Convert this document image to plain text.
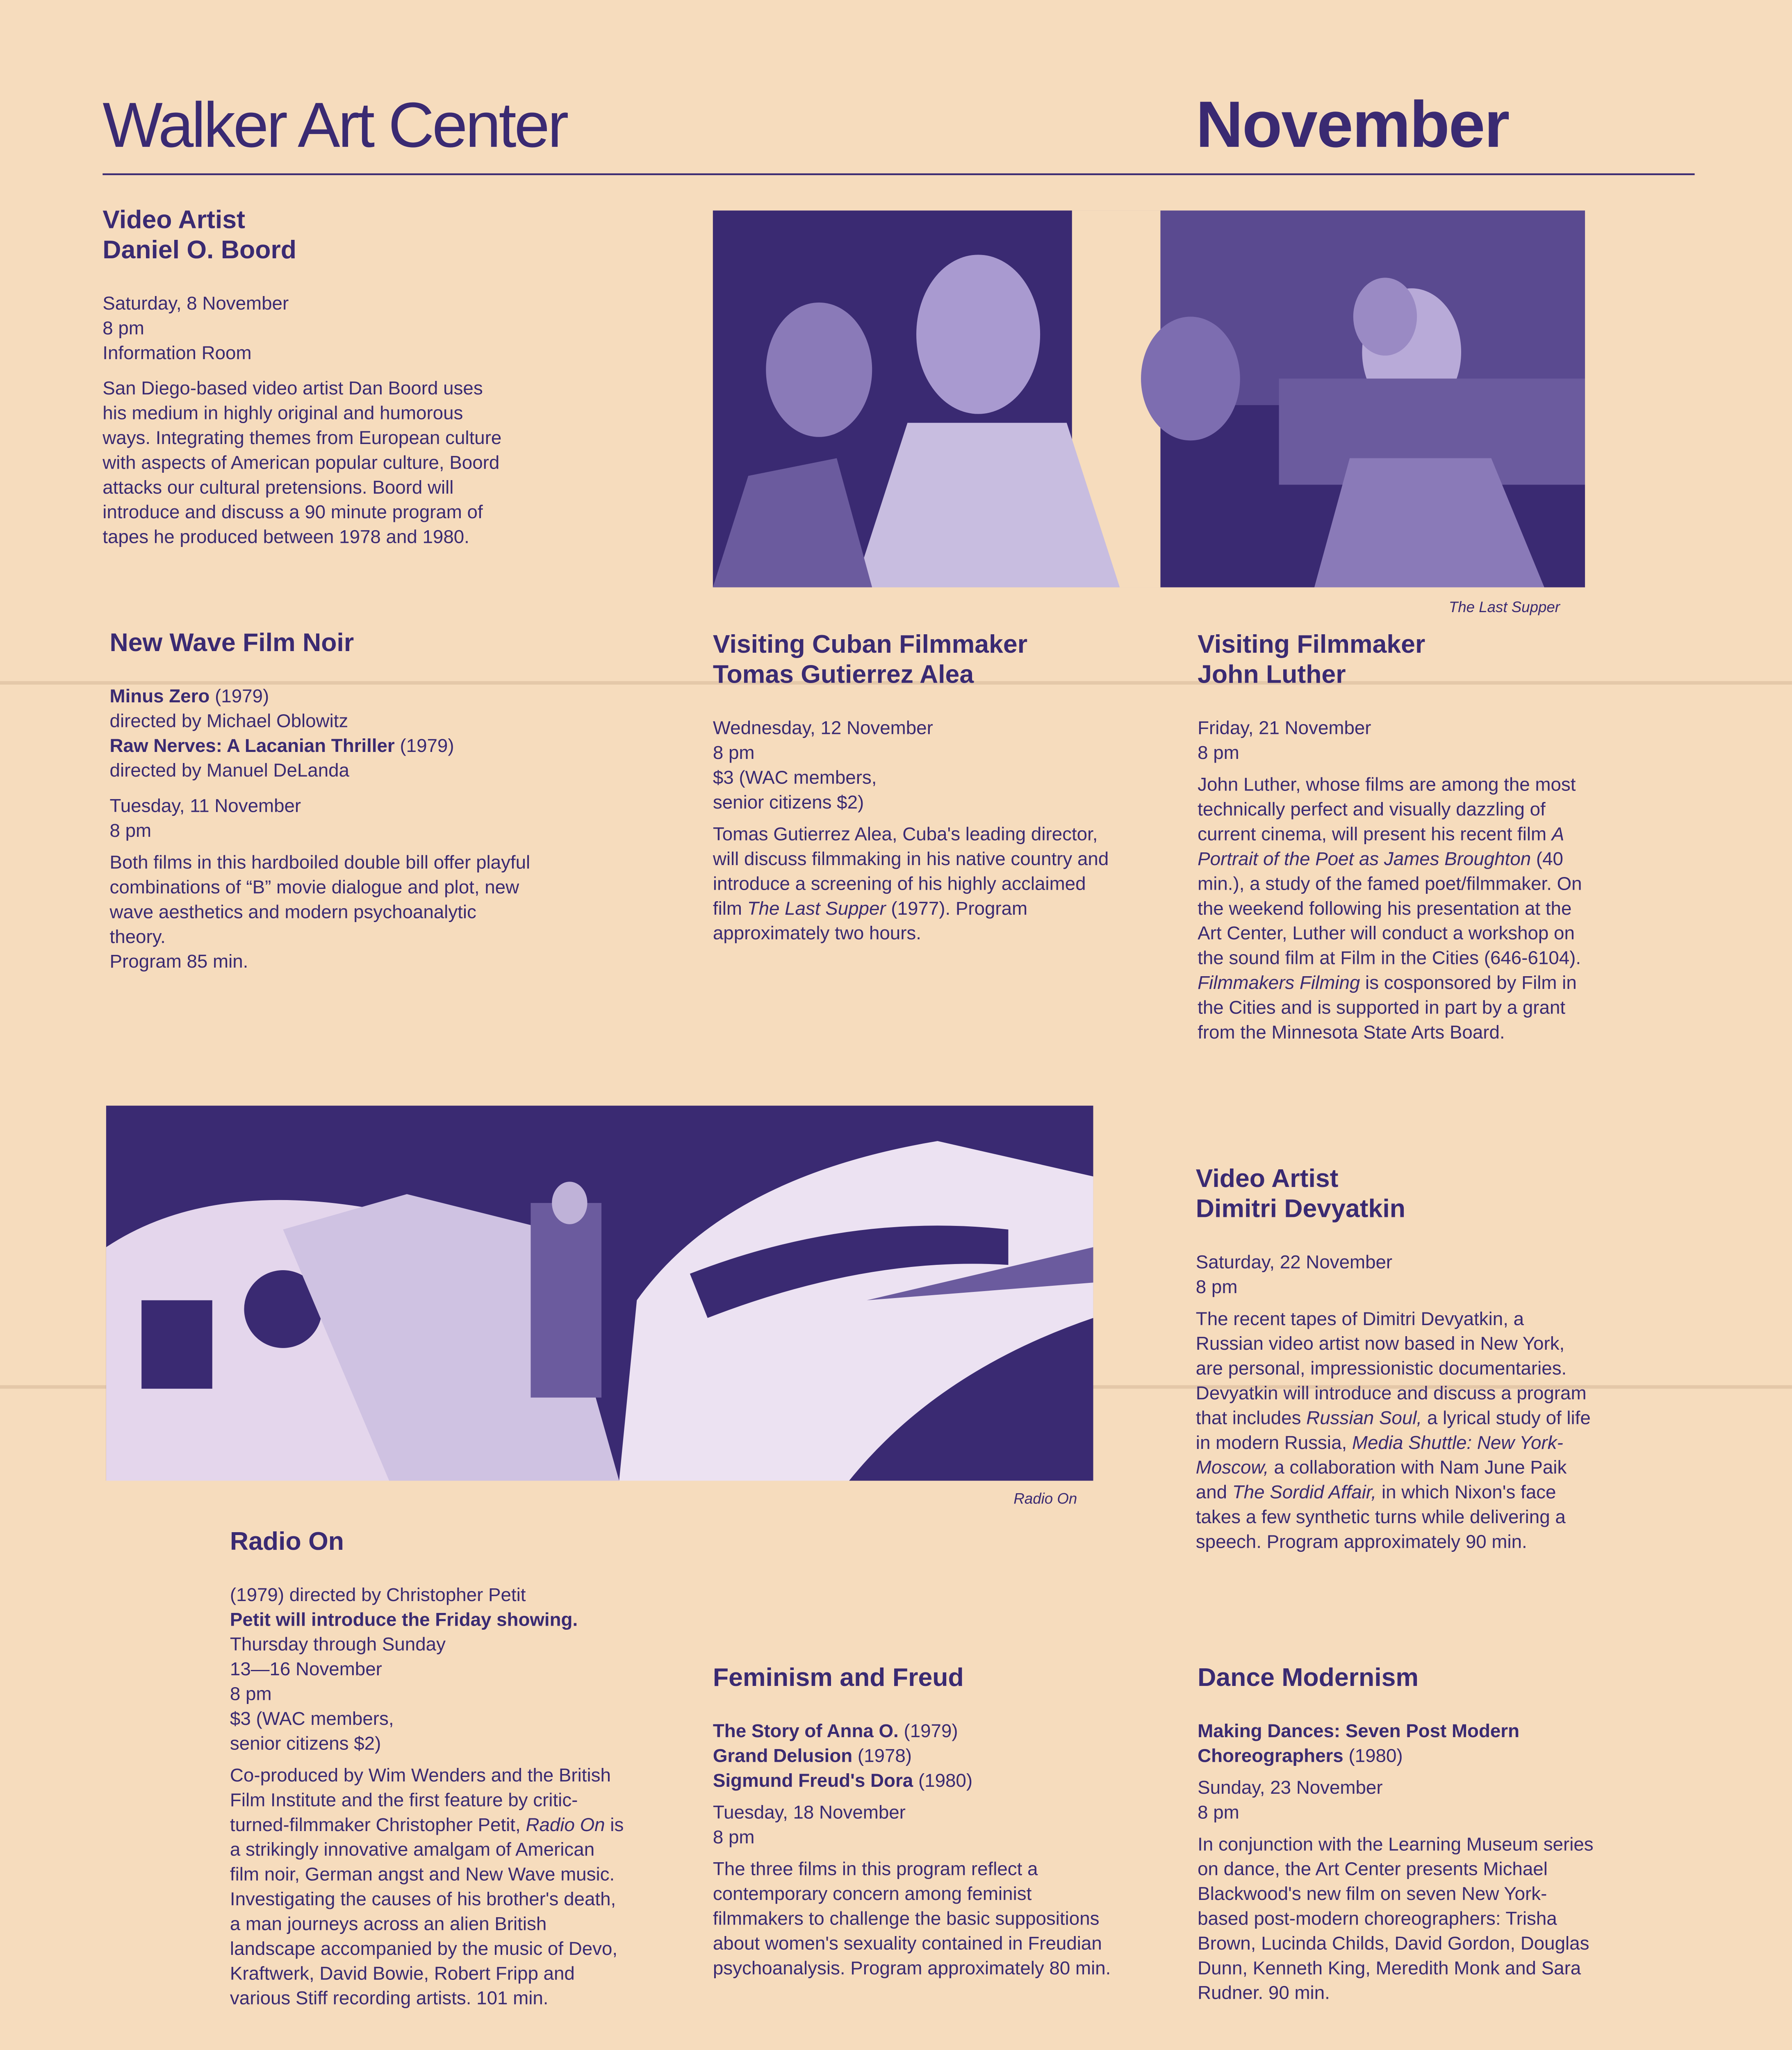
Walker Art Center	November
Video Artist
Daniel O. Boord
Saturday, 8 November
8 pm
Information Room
San Diego-based video artist Dan Boord uses his medium in highly original and humorous ways. Integrating themes from European culture with aspects of American popular culture, Boord attacks our cultural pretensions. Boord will introduce and discuss a 90 minute program of tapes he produced between 1978 and 1980.
The Last Supper
New Wave Film Noir
Minus Zero (1979)
directed by Michael Oblowitz
Raw Nerves: A Lacanian Thriller (1979)
directed by Manuel DeLanda
Tuesday, 11 November
8 pm
Both films in this hardboiled double bill offer playful combinations of “B” movie dialogue and plot, new wave aesthetics and modern psychoanalytic theory.
Program 85 min.
Visiting Cuban Filmmaker
Tomas Gutierrez Alea
Wednesday, 12 November
8 pm
$3 (WAC members,
senior citizens $2)
Tomas Gutierrez Alea, Cuba's leading director, will discuss filmmaking in his native country and introduce a screening of his highly acclaimed film The Last Supper (1977). Program approximately two hours.
Visiting Filmmaker
John Luther
Friday, 21 November
8 pm
John Luther, whose films are among the most technically perfect and visually dazzling of current cinema, will present his recent film A Portrait of the Poet as James Broughton (40 min.), a study of the famed poet/filmmaker. On the weekend following his presentation at the Art Center, Luther will conduct a workshop on the sound film at Film in the Cities (646-6104). Filmmakers Filming is cosponsored by Film in the Cities and is supported in part by a grant from the Minnesota State Arts Board.
Radio On
Video Artist
Dimitri Devyatkin
Saturday, 22 November
8 pm
The recent tapes of Dimitri Devyatkin, a Russian video artist now based in New York, are personal, impressionistic documentaries. Devyatkin will introduce and discuss a program that includes Russian Soul, a lyrical study of life in modern Russia, Media Shuttle: New York-Moscow, a collaboration with Nam June Paik and The Sordid Affair, in which Nixon's face takes a few synthetic turns while delivering a speech. Program approximately 90 min.
Radio On
(1979) directed by Christopher Petit
Petit will introduce the Friday showing.
Thursday through Sunday
13—16 November
8 pm
$3 (WAC members,
senior citizens $2)
Co-produced by Wim Wenders and the British Film Institute and the first feature by critic-turned-filmmaker Christopher Petit, Radio On is a strikingly innovative amalgam of American film noir, German angst and New Wave music. Investigating the causes of his brother's death, a man journeys across an alien British landscape accompanied by the music of Devo, Kraftwerk, David Bowie, Robert Fripp and various Stiff recording artists. 101 min.
Feminism and Freud
The Story of Anna O. (1979)
Grand Delusion (1978)
Sigmund Freud's Dora (1980)
Tuesday, 18 November
8 pm
The three films in this program reflect a contemporary concern among feminist filmmakers to challenge the basic suppositions about women's sexuality contained in Freudian psychoanalysis. Program approximately 80 min.
Dance Modernism
Making Dances: Seven Post Modern Choreographers (1980)
Sunday, 23 November
8 pm
In conjunction with the Learning Museum series on dance, the Art Center presents Michael Blackwood's new film on seven New York-based post-modern choreographers: Trisha Brown, Lucinda Childs, David Gordon, Douglas Dunn, Kenneth King, Meredith Monk and Sara Rudner. 90 min.
